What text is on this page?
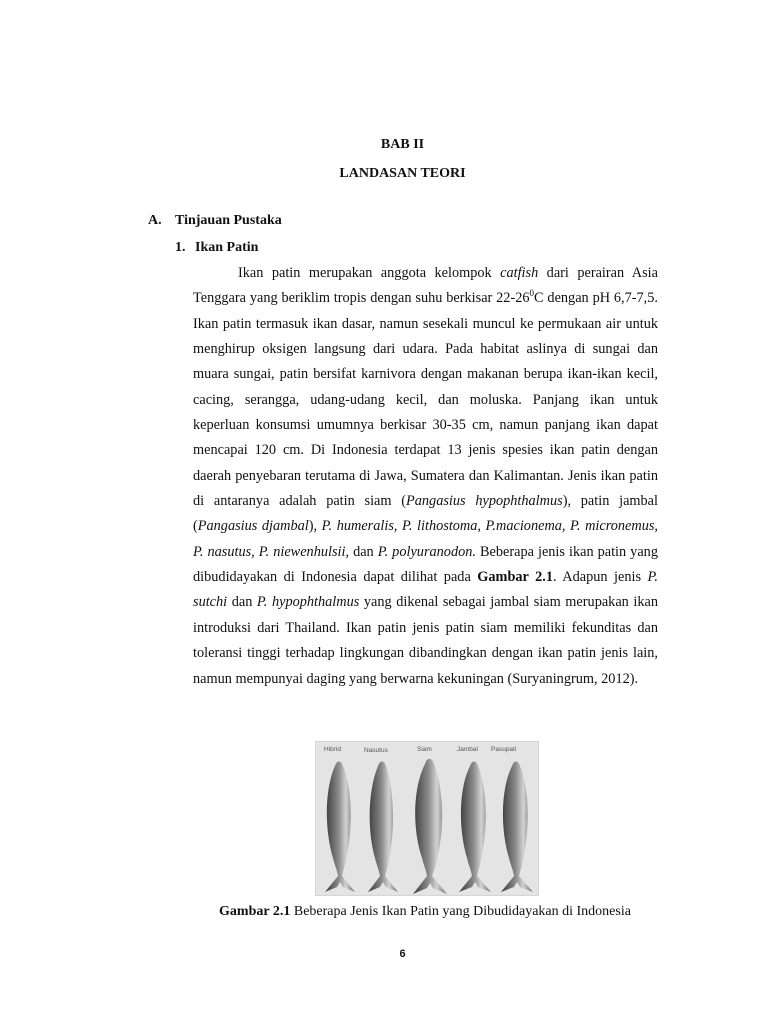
BAB II
LANDASAN TEORI
A. Tinjauan Pustaka
1. Ikan Patin

Ikan patin merupakan anggota kelompok catfish dari perairan Asia Tenggara yang beriklim tropis dengan suhu berkisar $22-26^0C$ dengan pH 6,7-7,5. Ikan patin termasuk ikan dasar, namun sesekali muncul ke permukaan air untuk menghirup oksigen langsung dari udara. Pada habitat aslinya di sungai dan muara sungai, patin bersifat karnivora dengan makanan berupa ikan-ikan kecil, cacing, serangga, udang-udang kecil, dan moluska. Panjang ikan untuk keperluan konsumsi umumnya berkisar 30-35 cm, namun panjang ikan dapat mencapai 120 cm. Di Indonesia terdapat 13 jenis spesies ikan patin dengan daerah penyebaran terutama di Jawa, Sumatera dan Kalimantan. Jenis ikan patin di antaranya adalah patin siam (Pangasius hypophthalmus), patin jambal (Pangasius djambal), P. humeralis, P. lithostoma, P.macionema, P. micronemus, P. nasutus, P. niewenhulsii, dan P. polyuranodon. Beberapa jenis ikan patin yang dibudidayakan di Indonesia dapat dilihat pada Gambar 2.1. Adapun jenis P. sutchi dan P. hypophthalmus yang dikenal sebagai jambal siam merupakan ikan introduksi dari Thailand. Ikan patin jenis patin siam memiliki fekunditas dan toleransi tinggi terhadap lingkungan dibandingkan dengan ikan patin jenis lain, namun mempunyai daging yang berwarna kekuningan (Suryaningrum, 2012).

Hibrid	Nasutus	Siam	Jambal Pasupati
Gambar 2.1 Beberapa Jenis Ikan Patin yang Dibudidayakan di Indonesia
6
